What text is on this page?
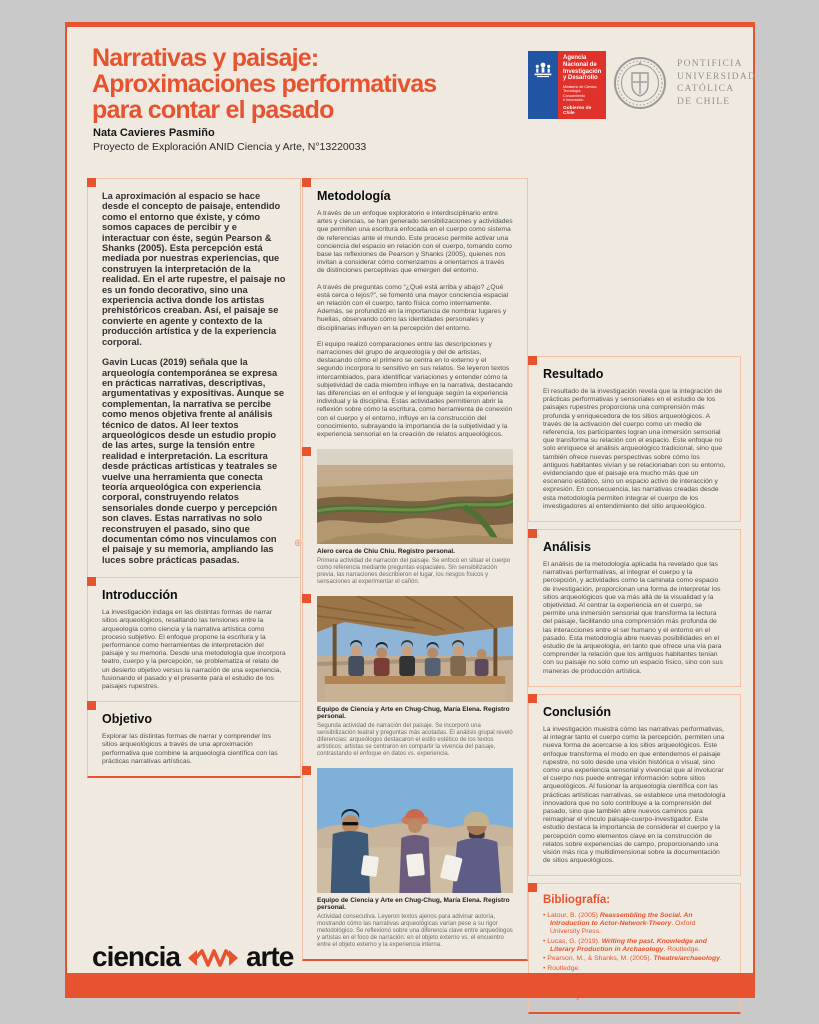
Narrativas y paisaje:
Aproximaciones performativas
para contar el pasado
Nata Cavieres Pasmiño
Proyecto de Exploración ANID Ciencia y Arte, N°13220033
Agencia
Nacional de
Investigación
y Desarrollo
Ministerio de Ciencia,
Tecnología, Conocimiento
e Innovación
Gobierno de Chile
PONTIFICIA
UNIVERSIDAD
CATÓLICA
DE CHILE
⊕

La aproximación al espacio se hace desde el concepto de paisaje, entendido como el entorno que éxiste, y cómo somos capaces de percibir y e interactuar con éste, según Pearson & Shanks (2005). Esta percepción está mediada por nuestras experiencias, que construyen la interpretación de la realidad. En el arte rupestre, el paisaje no es un fondo decorativo, sino una experiencia activa donde los artistas prehistóricos creaban. Así, el paisaje se convierte en agente y contexto de la producción artística y de la experiencia corporal.

Gavin Lucas (2019) señala que la arqueología contemporánea se expresa en prácticas narrativas, descriptivas, argumentativas y expositivas. Aunque se complementan, la narrativa se percibe como menos objetiva frente al análisis técnico de datos. Al leer textos arqueológicos desde un estudio propio de las artes, surge la tensión entre realidad e interpretación. La escritura desde prácticas artísticas y teatrales se vuelve una herramienta que conecta teoría arqueológica con experiencia corporal, construyendo relatos sensoriales donde cuerpo y percepción son claves. Estas narrativas no solo reconstruyen el pasado, sino que documentan cómo nos vinculamos con el paisaje y su memoria, ampliando las luces sobre prácticas pasadas.

Introducción

La investigación indaga en las distintas formas de narrar sitios arqueológicos, resaltando las tensiones entre la arqueología como ciencia y la narrativa artística como proceso subjetivo. El enfoque propone la escritura y la performance como herramientas de interpretación del paisaje y su memoria. Desde una metodología que incorpora teatro, cuerpo y la percepción, se problematiza el relato de un desierto objetivo versus la narración de una experiencia, fusionando el pasado y el presente para el estudio de los paisajes rupestres.

Objetivo

Explorar las distintas formas de narrar y comprender los sitios arqueológicos a través de una aproximación performativa que combine la arqueología científica con las prácticas narrativas artísticas.

Metodología

A través de un enfoque exploratorio e interdisciplinario entre artes y ciencias, se han generado sensibilizaciones y actividades que permiten una escritura enfocada en el cuerpo como sistema de referencias ante el mundo. Este proceso permite activar una conciencia del espacio en relación con el cuerpo, tomando como base las reflexiones de Pearson y Shanks (2005), quienes nos invitan a considerar cómo comenzamos a orientarnos a través de distinciones perceptivas que emergen del entorno.

A través de preguntas como “¿Qué está arriba y abajo? ¿Qué está cerca o lejos?”, se fomentó una mayor conciencia espacial en relación con el cuerpo, tanto física como internamente. Además, se profundizó en la importancia de nombrar lugares y huellas, observando cómo las identidades personales y disciplinarias influyen en la percepción del entorno.

El equipo realizó comparaciones entre las descripciones y narraciones del grupo de arqueología y del de artistas, destacando cómo el primero se centra en lo externo y el segundo incorpora lo sensitivo en sus relatos. Se leyeron textos intercambiados, para identificar variaciones y entender cómo la subjetividad de cada miembro influye en la narrativa, destacando las diferencias en el enfoque y el lenguaje según la experiencia individual y la disciplina. Estas actividades permitieron abrir la reflexión sobre cómo la escritura, como herramienta de conexión con el cuerpo y el entorno, influye en la construcción del conocimiento, subrayando la importancia de la subjetividad y la experiencia sensorial en la creación de relatos arqueológicos.

Alero cerca de Chiu Chiu. Registro personal.
Primera actividad de narración del paisaje. Se enfocó en situar el cuerpo como referencia mediante preguntas espaciales. Sin sensibilización previa, las narraciones describieron el lugar, los riesgos físicos y sensaciones al experimentar el cañón.
Equipo de Ciencia y Arte en Chug-Chug, María Elena. Registro personal.
Segunda actividad de narración del paisaje. Se incorporó una sensibilización teatral y preguntas más acotadas. El análisis grupal reveló diferencias: arqueólogos destacaron el estilo estético de los textos artísticos; artistas se centraron en compartir la vivencia del paisaje, contrastando el enfoque en datos vs. experiencia.
Equipo de Ciencia y Arte en Chug-Chug, María Elena. Registro personal.
Actividad consecutiva. Leyeron textos ajenos para adivinar autoría, mostrando cómo las narrativas arqueológicas varían pese a su rigor metodológico. Se reflexionó sobre una diferencia clave entre arqueólogos y artistas en el foco de narración: en el objeto externo vs. el encuentro entre el objeto externo y la experiencia interna.
Resultado

El resultado de la investigación revela que la integración de prácticas performativas y sensoriales en el estudio de los paisajes rupestres proporciona una comprensión más profunda y enriquecedora de los sitios arqueológicos. A través de la activación del cuerpo como un medio de referencia, los participantes logran una inmersión sensorial que transforma su relación con el espacio. Este enfoque no solo enriquece el análisis arqueológico tradicional, sino que también ofrece nuevas perspectivas sobre cómo los antiguos habitantes vivían y se relacionaban con su entorno, evidenciando que el paisaje era mucho más que un escenario estático, sino un espacio activo de interacción y expresión. En consecuencia, las narrativas creadas desde esta metodología permiten integrar el cuerpo de los investigadores al entendimiento del sitio arqueológico.

Análisis

El análisis de la metodología aplicada ha revelado que las narrativas performativas, al integrar el cuerpo y la percepción, y actividades como la caminata como espacio de investigación, proporcionan una forma de interpretar los sitios arqueológicos que va más allá de la visualidad y la objetividad. Al centrar la experiencia en el cuerpo, se permite una inmersión sensorial que transforma la lectura del paisaje, facilitando una comprensión más profunda de las interacciones entre el ser humano y el entorno en el pasado. Esta metodología abre nuevas posibilidades en el estudio de la arqueología, en tanto que ofrece una vía para comprender la relación que los antiguos habitantes tenían con su paisaje no solo como un espacio físico, sino con sus maneras de producción artística.

Conclusión

La investigación muestra cómo las narrativas performativas, al integrar tanto el cuerpo como la percepción, permiten una nueva forma de acercarse a los sitios arqueológicos. Este enfoque transforma el modo en que entendemos el paisaje rupestre, no solo desde una visión histórica o visual, sino como una experiencia sensorial y vivencial que al involucrar el cuerpo nos puede entregar información sobre sitios arqueológicos. Al fusionar la arqueología científica con las prácticas artísticas narrativas, se establece una metodología innovadora que no solo contribuye a la comprensión del pasado, sino que también abre nuevos caminos para reimaginar el vínculo paisaje-cuerpo-investigador. Este estudio destaca la importancia de considerar el cuerpo y la percepción como elementos clave en la construcción de relatos sobre experiencias de campo, proporcionando una visión más rica y multidimensional sobre la documentación de sitios arqueológicos.

Bibliografía:
• Latour, B. (2005) Reassembling the Social. An Introduction to Actor-Network-Theory. Oxford University Press.
• Lucas, G. (2019). Writing the past. Knowledge and Literary Production in Archaeology. Routledge.
• Pearson, M., & Shanks, M. (2005). Theatre/archaeology.
• Routledge.
•
•
ciencia arte
